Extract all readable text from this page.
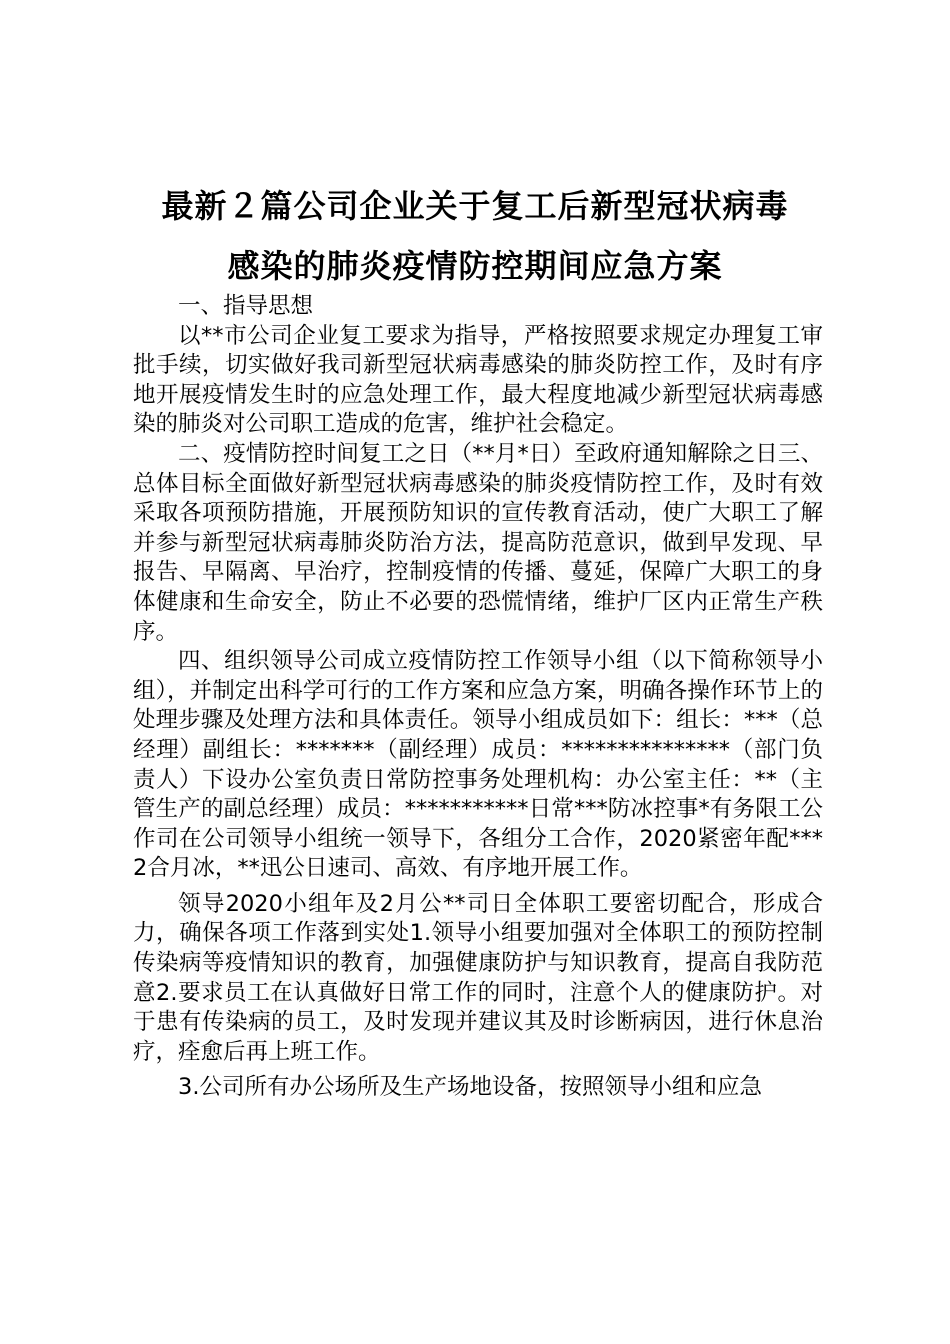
最新２篇公司企业关于复工后新型冠状病毒
感染的肺炎疫情防控期间应急方案

一、指导思想

以**市公司企业复工要求为指导，严格按照要求规定办理复工审批手续，切实做好我司新型冠状病毒感染的肺炎防控工作，及时有序地开展疫情发生时的应急处理工作，最大程度地减少新型冠状病毒感染的肺炎对公司职工造成的危害，维护社会稳定。

二、疫情防控时间复工之日（**月*日）至政府通知解除之日三、总体目标全面做好新型冠状病毒感染的肺炎疫情防控工作，及时有效采取各项预防措施，开展预防知识的宣传教育活动，使广大职工了解并参与新型冠状病毒肺炎防治方法，提高防范意识，做到早发现、早报告、早隔离、早治疗，控制疫情的传播、蔓延，保障广大职工的身体健康和生命安全，防止不必要的恐慌情绪，维护厂区内正常生产秩序。

四、组织领导公司成立疫情防控工作领导小组（以下简称领导小组），并制定出科学可行的工作方案和应急方案，明确各操作环节上的处理步骤及处理方法和具体责任。领导小组成员如下：组长：***（总经理）副组长：*******（副经理）成员：***************（部门负责人）下设办公室负责日常防控事务处理机构：办公室主任：**（主管生产的副总经理）成员：***********日常***防冰控事*有务限工公作司在公司领导小组统一领导下，各组分工合作，2020紧密年配***2合月冰，**迅公日速司、高效、有序地开展工作。

领导2020小组年及2月公**司日全体职工要密切配合，形成合力，确保各项工作落到实处1.领导小组要加强对全体职工的预防控制传染病等疫情知识的教育，加强健康防护与知识教育，提高自我防范意2.要求员工在认真做好日常工作的同时，注意个人的健康防护。对于患有传染病的员工，及时发现并建议其及时诊断病因，进行休息治疗，痊愈后再上班工作。

3.公司所有办公场所及生产场地设备，按照领导小组和应急
